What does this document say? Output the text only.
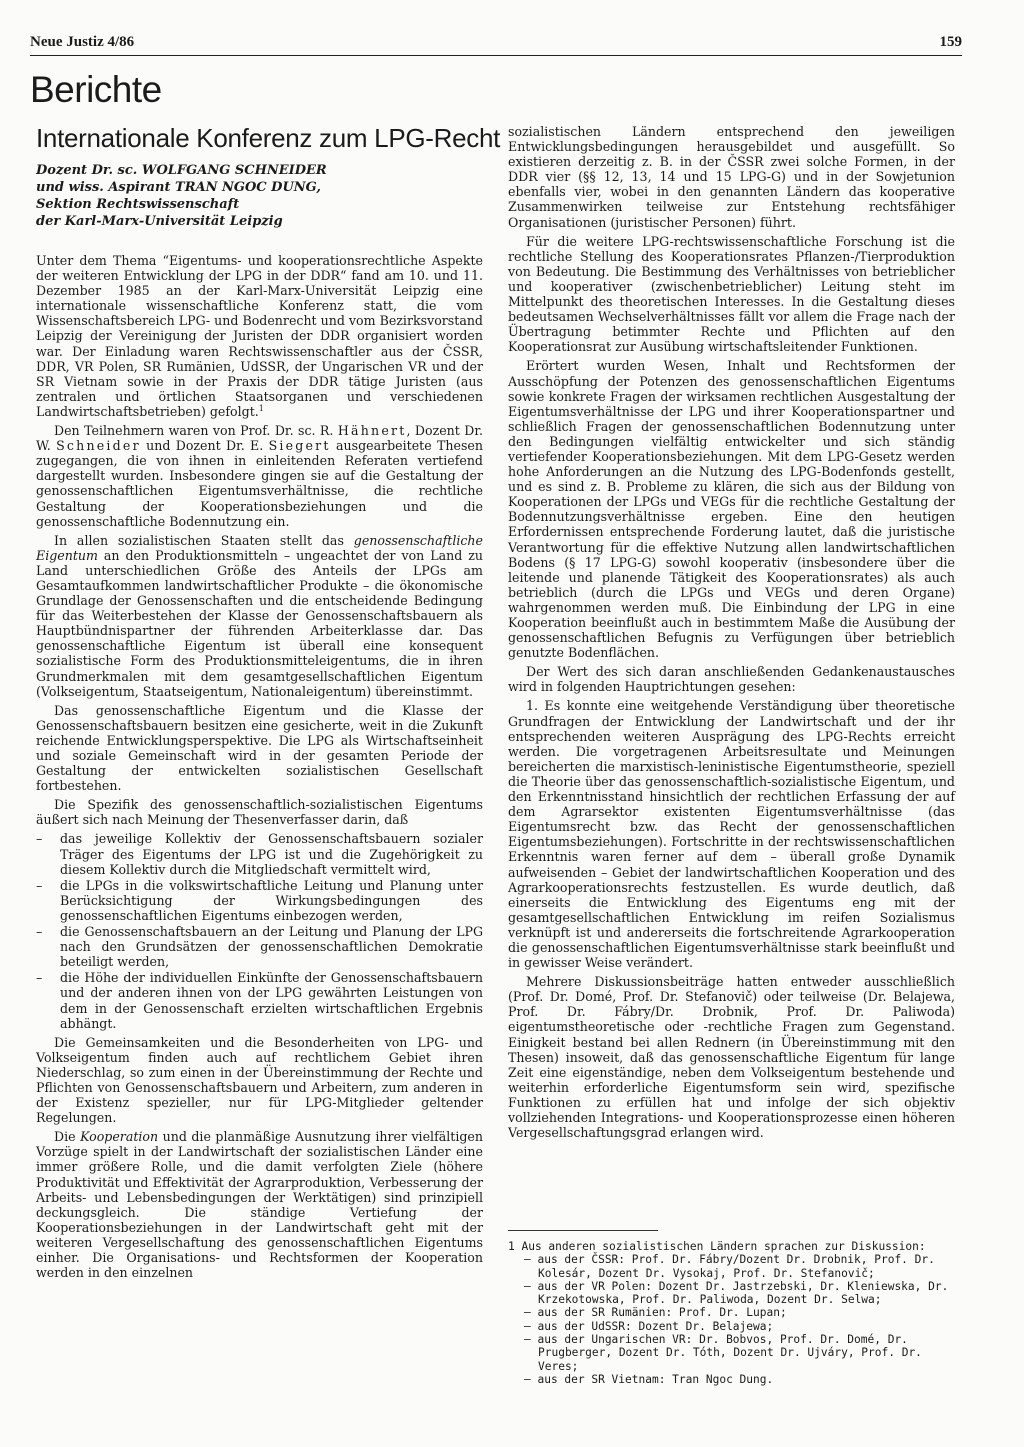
Neue Justiz 4/86	159
Berichte
Internationale Konferenz zum LPG-Recht
Dozent Dr. sc. WOLFGANG SCHNEIDER
und wiss. Aspirant TRAN NGOC DUNG,
Sektion Rechtswissenschaft
der Karl-Marx-Universität Leipzig

Unter dem Thema “Eigentums- und kooperationsrechtliche Aspekte der weiteren Entwicklung der LPG in der DDR“ fand am 10. und 11. Dezember 1985 an der Karl-Marx-Universität Leipzig eine internationale wissenschaftliche Konferenz statt, die vom Wissenschaftsbereich LPG- und Bodenrecht und vom Bezirksvorstand Leipzig der Vereinigung der Juristen der DDR organisiert worden war. Der Einladung waren Rechtswissenschaftler aus der ČSSR, DDR, VR Polen, SR Rumänien, UdSSR, der Ungarischen VR und der SR Vietnam sowie in der Praxis der DDR tätige Juristen (aus zentralen und örtlichen Staatsorganen und verschiedenen Landwirtschaftsbetrieben) gefolgt.$^1$

Den Teilnehmern waren von Prof. Dr. sc. R. Hähnert, Dozent Dr. W. Schneider und Dozent Dr. E. Siegert ausgearbeitete Thesen zugegangen, die von ihnen in einleitenden Referaten vertiefend dargestellt wurden. Insbesondere gingen sie auf die Gestaltung der genossenschaftlichen Eigentumsverhältnisse, die rechtliche Gestaltung der Kooperationsbeziehungen und die genossenschaftliche Bodennutzung ein.

In allen sozialistischen Staaten stellt das genossenschaftliche Eigentum an den Produktionsmitteln – ungeachtet der von Land zu Land unterschiedlichen Größe des Anteils der LPGs am Gesamtaufkommen landwirtschaftlicher Produkte – die ökonomische Grundlage der Genossenschaften und die entscheidende Bedingung für das Weiterbestehen der Klasse der Genossenschaftsbauern als Hauptbündnispartner der führenden Arbeiterklasse dar. Das genossenschaftliche Eigentum ist überall eine konsequent sozialistische Form des Produktionsmitteleigentums, die in ihren Grundmerkmalen mit dem gesamtgesellschaftlichen Eigentum (Volkseigentum, Staatseigentum, Nationaleigentum) übereinstimmt.

Das genossenschaftliche Eigentum und die Klasse der Genossenschaftsbauern besitzen eine gesicherte, weit in die Zukunft reichende Entwicklungsperspektive. Die LPG als Wirtschaftseinheit und soziale Gemeinschaft wird in der gesamten Periode der Gestaltung der entwickelten sozialistischen Gesellschaft fortbestehen.

Die Spezifik des genossenschaftlich-sozialistischen Eigentums äußert sich nach Meinung der Thesenverfasser darin, daß

– das jeweilige Kollektiv der Genossenschaftsbauern sozialer Träger des Eigentums der LPG ist und die Zugehörigkeit zu diesem Kollektiv durch die Mitgliedschaft vermittelt wird,
– die LPGs in die volkswirtschaftliche Leitung und Planung unter Berücksichtigung der Wirkungsbedingungen des genossenschaftlichen Eigentums einbezogen werden,
– die Genossenschaftsbauern an der Leitung und Planung der LPG nach den Grundsätzen der genossenschaftlichen Demokratie beteiligt werden,
– die Höhe der individuellen Einkünfte der Genossenschaftsbauern und der anderen ihnen von der LPG gewährten Leistungen von dem in der Genossenschaft erzielten wirtschaftlichen Ergebnis abhängt.

Die Gemeinsamkeiten und die Besonderheiten von LPG- und Volkseigentum finden auch auf rechtlichem Gebiet ihren Niederschlag, so zum einen in der Übereinstimmung der Rechte und Pflichten von Genossenschaftsbauern und Arbeitern, zum anderen in der Existenz spezieller, nur für LPG-Mitglieder geltender Regelungen.

Die Kooperation und die planmäßige Ausnutzung ihrer vielfältigen Vorzüge spielt in der Landwirtschaft der sozialistischen Länder eine immer größere Rolle, und die damit verfolgten Ziele (höhere Produktivität und Effektivität der Agrarproduktion, Verbesserung der Arbeits- und Lebensbedingungen der Werktätigen) sind prinzipiell deckungsgleich. Die ständige Vertiefung der Kooperationsbeziehungen in der Landwirtschaft geht mit der weiteren Vergesellschaftung des genossenschaftlichen Eigentums einher. Die Organisations- und Rechtsformen der Kooperation werden in den einzelnen

sozialistischen Ländern entsprechend den jeweiligen Entwicklungsbedingungen herausgebildet und ausgefüllt. So existieren derzeitig z. B. in der ČSSR zwei solche Formen, in der DDR vier (§§ 12, 13, 14 und 15 LPG-G) und in der Sowjetunion ebenfalls vier, wobei in den genannten Ländern das kooperative Zusammenwirken teilweise zur Entstehung rechtsfähiger Organisationen (juristischer Personen) führt.

Für die weitere LPG-rechtswissenschaftliche Forschung ist die rechtliche Stellung des Kooperationsrates Pflanzen-/Tierproduktion von Bedeutung. Die Bestimmung des Verhältnisses von betrieblicher und kooperativer (zwischenbetrieblicher) Leitung steht im Mittelpunkt des theoretischen Interesses. In die Gestaltung dieses bedeutsamen Wechselverhältnisses fällt vor allem die Frage nach der Übertragung betimmter Rechte und Pflichten auf den Kooperationsrat zur Ausübung wirtschaftsleitender Funktionen.

Erörtert wurden Wesen, Inhalt und Rechtsformen der Ausschöpfung der Potenzen des genossenschaftlichen Eigentums sowie konkrete Fragen der wirksamen rechtlichen Ausgestaltung der Eigentumsverhältnisse der LPG und ihrer Kooperationspartner und schließlich Fragen der genossenschaftlichen Bodennutzung unter den Bedingungen vielfältig entwickelter und sich ständig vertiefender Kooperationsbeziehungen. Mit dem LPG-Gesetz werden hohe Anforderungen an die Nutzung des LPG-Bodenfonds gestellt, und es sind z. B. Probleme zu klären, die sich aus der Bildung von Kooperationen der LPGs und VEGs für die rechtliche Gestaltung der Bodennutzungsverhältnisse ergeben. Eine den heutigen Erfordernissen entsprechende Forderung lautet, daß die juristische Verantwortung für die effektive Nutzung allen landwirtschaftlichen Bodens (§ 17 LPG-G) sowohl kooperativ (insbesondere über die leitende und planende Tätigkeit des Kooperationsrates) als auch betrieblich (durch die LPGs und VEGs und deren Organe) wahrgenommen werden muß. Die Einbindung der LPG in eine Kooperation beeinflußt auch in bestimmtem Maße die Ausübung der genossenschaftlichen Befugnis zu Verfügungen über betrieblich genutzte Bodenflächen.

Der Wert des sich daran anschließenden Gedankenaustausches wird in folgenden Hauptrichtungen gesehen:

1. Es konnte eine weitgehende Verständigung über theoretische Grundfragen der Entwicklung der Landwirtschaft und der ihr entsprechenden weiteren Ausprägung des LPG-Rechts erreicht werden. Die vorgetragenen Arbeitsresultate und Meinungen bereicherten die marxistisch-leninistische Eigentumstheorie, speziell die Theorie über das genossenschaftlich-sozialistische Eigentum, und den Erkenntnisstand hinsichtlich der rechtlichen Erfassung der auf dem Agrarsektor existenten Eigentumsverhältnisse (das Eigentumsrecht bzw. das Recht der genossenschaftlichen Eigentumsbeziehungen). Fortschritte in der rechtswissenschaftlichen Erkenntnis waren ferner auf dem – überall große Dynamik aufweisenden – Gebiet der landwirtschaftlichen Kooperation und des Agrarkooperationsrechts festzustellen. Es wurde deutlich, daß einerseits die Entwicklung des Eigentums eng mit der gesamtgesellschaftlichen Entwicklung im reifen Sozialismus verknüpft ist und andererseits die fortschreitende Agrarkooperation die genossenschaftlichen Eigentumsverhältnisse stark beeinflußt und in gewisser Weise verändert.

Mehrere Diskussionsbeiträge hatten entweder ausschließlich (Prof. Dr. Domé, Prof. Dr. Stefanovič) oder teilweise (Dr. Belajewa, Prof. Dr. Fábry/Dr. Drobnik, Prof. Dr. Paliwoda) eigentumstheoretische oder -rechtliche Fragen zum Gegenstand. Einigkeit bestand bei allen Rednern (in Übereinstimmung mit den Thesen) insoweit, daß das genossenschaftliche Eigentum für lange Zeit eine eigenständige, neben dem Volkseigentum bestehende und weiterhin erforderliche Eigentumsform sein wird, spezifische Funktionen zu erfüllen hat und infolge der sich objektiv vollziehenden Integrations- und Kooperationsprozesse einen höheren Vergesellschaftungsgrad erlangen wird.

1 Aus anderen sozialistischen Ländern sprachen zur Diskussion:
– aus der ČSSR: Prof. Dr. Fábry/Dozent Dr. Drobnik, Prof. Dr. Kolesár, Dozent Dr. Vysokaj, Prof. Dr. Stefanovič;
– aus der VR Polen: Dozent Dr. Jastrzebski, Dr. Kleniewska, Dr. Krzekotowska, Prof. Dr. Paliwoda, Dozent Dr. Selwa;
– aus der SR Rumänien: Prof. Dr. Lupan;
– aus der UdSSR: Dozent Dr. Belajewa;
– aus der Ungarischen VR: Dr. Bobvos, Prof. Dr. Domé, Dr. Prugberger, Dozent Dr. Tóth, Dozent Dr. Ujváry, Prof. Dr. Veres;
– aus der SR Vietnam: Tran Ngoc Dung.
